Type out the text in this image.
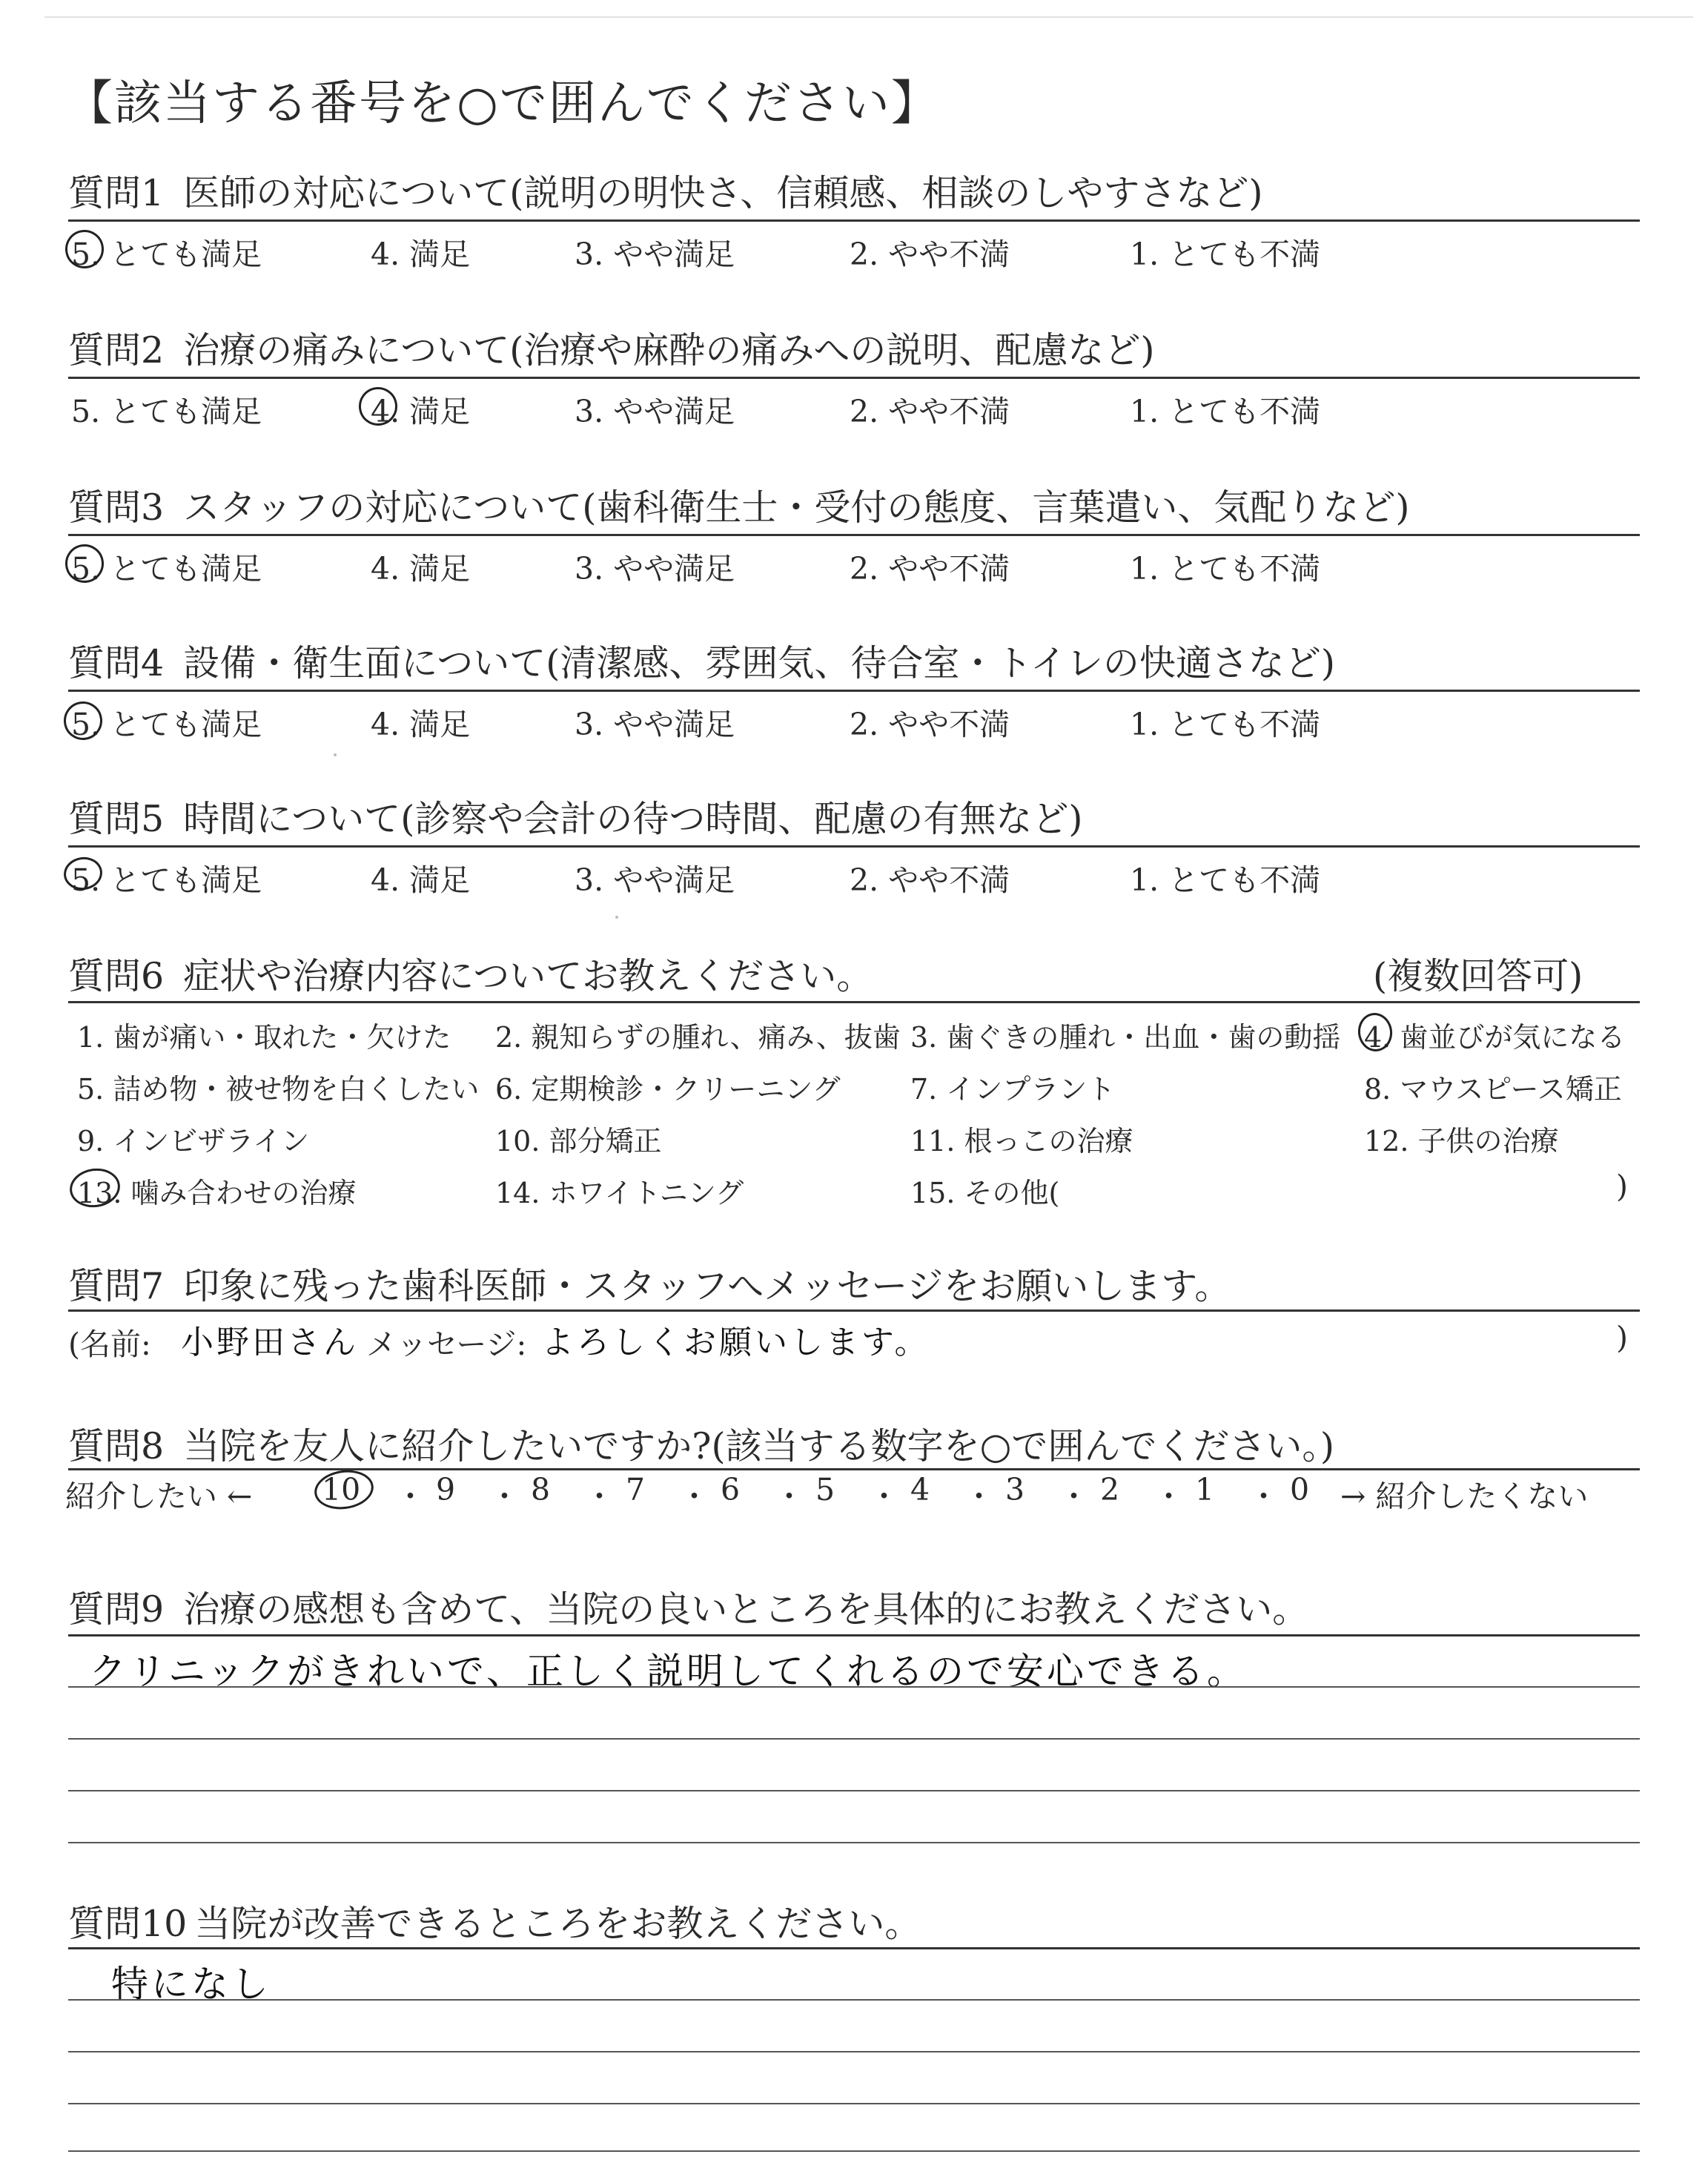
【該当する番号を○で囲んでください】
質問1 医師の対応について(説明の明快さ、信頼感、相談のしやすさなど)
5. とても満足	4. 満足	3. やや満足	2. やや不満	1. とても不満
質問2 治療の痛みについて(治療や麻酔の痛みへの説明、配慮など)
5. とても満足	4. 満足	3. やや満足	2. やや不満	1. とても不満
質問3 スタッフの対応について(歯科衛生士・受付の態度、言葉遣い、気配りなど)
5. とても満足	4. 満足	3. やや満足	2. やや不満	1. とても不満
質問4 設備・衛生面について(清潔感、雰囲気、待合室・トイレの快適さなど)
5. とても満足	4. 満足	3. やや満足	2. やや不満	1. とても不満
質問5 時間について(診察や会計の待つ時間、配慮の有無など)
5. とても満足	4. 満足	3. やや満足	2. やや不満	1. とても不満
質問6 症状や治療内容についてお教えください。	(複数回答可)
1. 歯が痛い・取れた・欠けた 2. 親知らずの腫れ、痛み、抜歯 3. 歯ぐきの腫れ・出血・歯の動揺 4. 歯並びが気になる
5. 詰め物・被せ物を白くしたい 6. 定期検診・クリーニング 7. インプラント	8. マウスピース矯正
9. インビザライン	10. 部分矯正	11. 根っこの治療	12. 子供の治療
13. 噛み合わせの治療	14. ホワイトニング	15. その他(	)
質問7 印象に残った歯科医師・スタッフへメッセージをお願いします。
(名前: 小野田さん メッセージ: よろしくお願いします。	)
質問8 当院を友人に紹介したいですか?(該当する数字を○で囲んでください。)
紹介したい ← 10 ・ 9 ・ 8 ・ 7 ・ 6 ・ 5 ・ 4 ・ 3 ・ 2 ・ 1 ・ 0 → 紹介したくない
質問9 治療の感想も含めて、当院の良いところを具体的にお教えください。
クリニックがきれいで、正しく説明してくれるので安心できる。
質問10 当院が改善できるところをお教えください。
特になし
